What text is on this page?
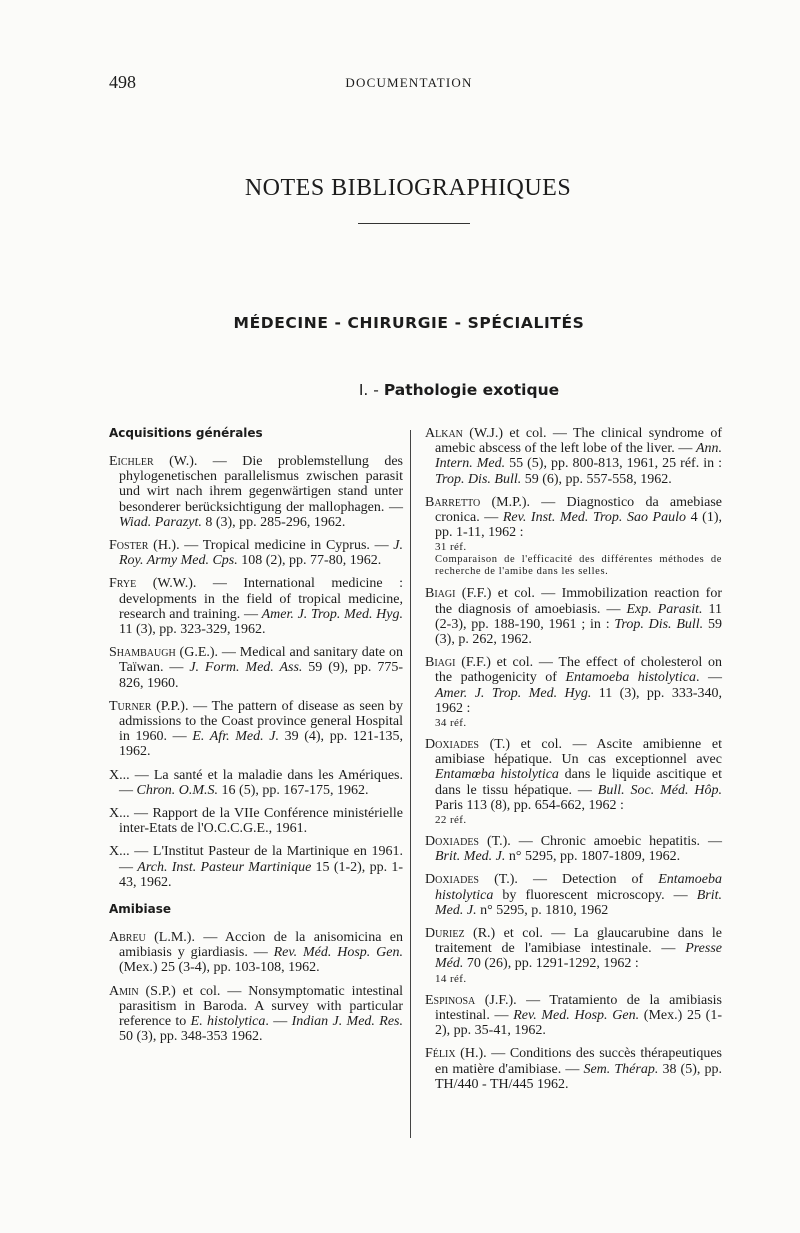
498	DOCUMENTATION
NOTES BIBLIOGRAPHIQUES
MÉDECINE - CHIRURGIE - SPÉCIALITÉS
I. - Pathologie exotique
Acquisitions générales

Eichler (W.). — Die problemstellung des phylogenetischen parallelismus zwischen parasit und wirt nach ihrem gegenwärtigen stand unter besonderer berücksichtigung der mallophagen. — Wiad. Parazyt. 8 (3), pp. 285-296, 1962.

Foster (H.). — Tropical medicine in Cyprus. — J. Roy. Army Med. Cps. 108 (2), pp. 77-80, 1962.

Frye (W.W.). — International medicine : developments in the field of tropical medicine, research and training. — Amer. J. Trop. Med. Hyg. 11 (3), pp. 323-329, 1962.

Shambaugh (G.E.). — Medical and sanitary date on Taïwan. — J. Form. Med. Ass. 59 (9), pp. 775-826, 1960.

Turner (P.P.). — The pattern of disease as seen by admissions to the Coast province general Hospital in 1960. — E. Afr. Med. J. 39 (4), pp. 121-135, 1962.

X... — La santé et la maladie dans les Amériques. — Chron. O.M.S. 16 (5), pp. 167-175, 1962.

X... — Rapport de la VIIe Conférence ministérielle inter-Etats de l'O.C.C.G.E., 1961.

X... — L'Institut Pasteur de la Martinique en 1961. — Arch. Inst. Pasteur Martinique 15 (1-2), pp. 1-43, 1962.

Amibiase

Abreu (L.M.). — Accion de la anisomicina en amibiasis y giardiasis. — Rev. Méd. Hosp. Gen. (Mex.) 25 (3-4), pp. 103-108, 1962.

Amin (S.P.) et col. — Nonsymptomatic intestinal parasitism in Baroda. A survey with particular reference to E. histolytica. — Indian J. Med. Res. 50 (3), pp. 348-353 1962.

Alkan (W.J.) et col. — The clinical syndrome of amebic abscess of the left lobe of the liver. — Ann. Intern. Med. 55 (5), pp. 800-813, 1961, 25 réf. in : Trop. Dis. Bull. 59 (6), pp. 557-558, 1962.

Barretto (M.P.). — Diagnostico da amebiase cronica. — Rev. Inst. Med. Trop. Sao Paulo 4 (1), pp. 1-11, 1962 :
31 réf.
Comparaison de l'efficacité des différentes méthodes de recherche de l'amibe dans les selles.

Biagi (F.F.) et col. — Immobilization reaction for the diagnosis of amoebiasis. — Exp. Parasit. 11 (2-3), pp. 188-190, 1961 ; in : Trop. Dis. Bull. 59 (3), p. 262, 1962.

Biagi (F.F.) et col. — The effect of cholesterol on the pathogenicity of Entamoeba histolytica. — Amer. J. Trop. Med. Hyg. 11 (3), pp. 333-340, 1962 :
34 réf.

Doxiades (T.) et col. — Ascite amibienne et amibiase hépatique. Un cas exceptionnel avec Entamœba histolytica dans le liquide ascitique et dans le tissu hépatique. — Bull. Soc. Méd. Hôp. Paris 113 (8), pp. 654-662, 1962 :
22 réf.

Doxiades (T.). — Chronic amoebic hepatitis. — Brit. Med. J. n° 5295, pp. 1807-1809, 1962.

Doxiades (T.). — Detection of Entamoeba histolytica by fluorescent microscopy. — Brit. Med. J. n° 5295, p. 1810, 1962

Duriez (R.) et col. — La glaucarubine dans le traitement de l'amibiase intestinale. — Presse Méd. 70 (26), pp. 1291-1292, 1962 :
14 réf.

Espinosa (J.F.). — Tratamiento de la amibiasis intestinal. — Rev. Med. Hosp. Gen. (Mex.) 25 (1-2), pp. 35-41, 1962.

Félix (H.). — Conditions des succès thérapeutiques en matière d'amibiase. — Sem. Thérap. 38 (5), pp. TH/440 - TH/445 1962.
